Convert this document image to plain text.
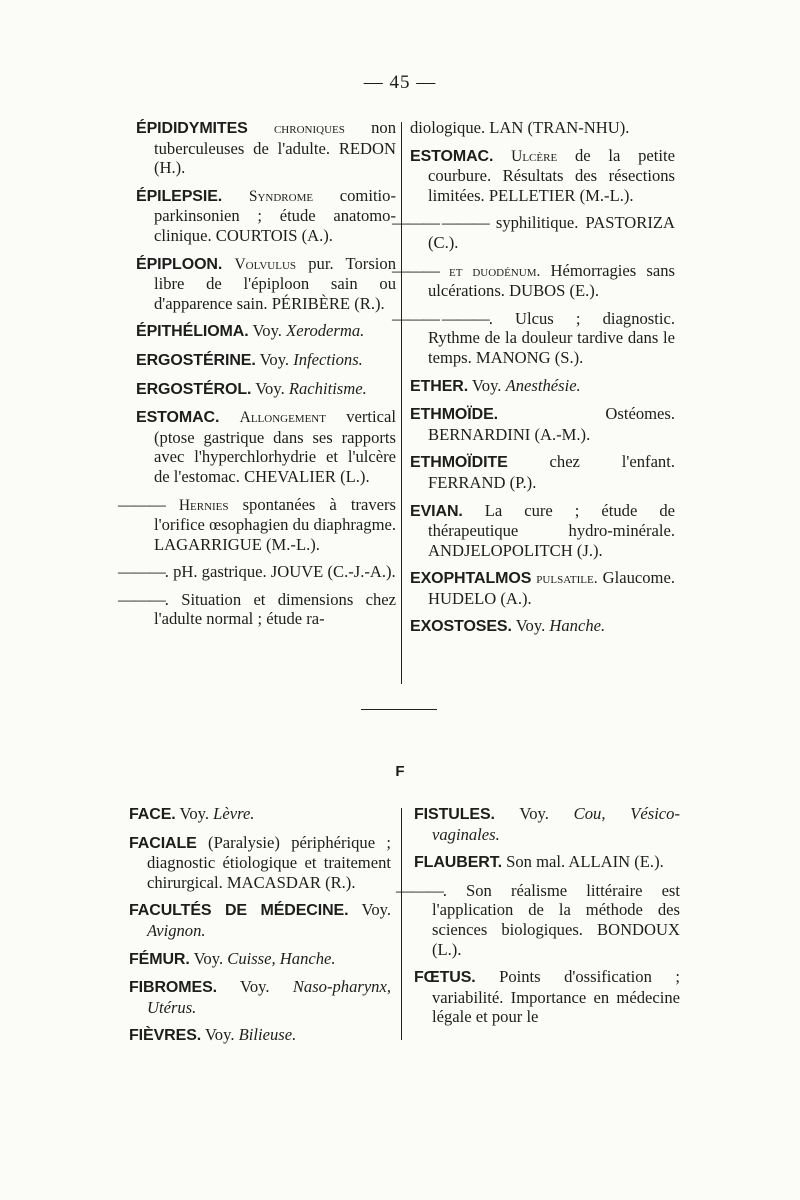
— 45 —
ÉPIDIDYMITES chroniques non tuberculeuses de l'adulte. REDON (H.).
ÉPILEPSIE. Syndrome comitio-parkinsonien ; étude anatomo-clinique. COURTOIS (A.).
ÉPIPLOON. Volvulus pur. Torsion libre de l'épiploon sain ou d'apparence sain. PÉRIBÈRE (R.).
ÉPITHÉLIOMA. Voy. Xeroderma.
ERGOSTÉRINE. Voy. Infections.
ERGOSTÉROL. Voy. Rachitisme.
ESTOMAC. Allongement vertical (ptose gastrique dans ses rapports avec l'hyperchlorhydrie et l'ulcère de l'estomac. CHEVALIER (L.).
——— Hernies spontanées à travers l'orifice œsophagien du diaphragme. LAGARRIGUE (M.-L.).
———. pH. gastrique. JOUVE (C.-J.-A.).
———. Situation et dimensions chez l'adulte normal ; étude ra-
diologique. LAN (TRAN-NHU).
ESTOMAC. Ulcère de la petite courbure. Résultats des résections limitées. PELLETIER (M.-L.).
——— ——— syphilitique. PASTORIZA (C.).
——— et duodénum. Hémorragies sans ulcérations. DUBOS (E.).
——— ———. Ulcus ; diagnostic. Rythme de la douleur tardive dans le temps. MANONG (S.).
ETHER. Voy. Anesthésie.
ETHMOÏDE. Ostéomes. BERNARDINI (A.-M.).
ETHMOÏDITE chez l'enfant. FERRAND (P.).
EVIAN. La cure ; étude de thérapeutique hydro-minérale. ANDJELOPOLITCH (J.).
EXOPHTALMOS pulsatile. Glaucome. HUDELO (A.).
EXOSTOSES. Voy. Hanche.
F
FACE. Voy. Lèvre.
FACIALE (Paralysie) périphérique ; diagnostic étiologique et traitement chirurgical. MACASDAR (R.).
FACULTÉS DE MÉDECINE. Voy. Avignon.
FÉMUR. Voy. Cuisse, Hanche.
FIBROMES. Voy. Naso-pharynx, Utérus.
FIÈVRES. Voy. Bilieuse.
FISTULES. Voy. Cou, Vésico-vaginales.
FLAUBERT. Son mal. ALLAIN (E.).
———. Son réalisme littéraire est l'application de la méthode des sciences biologiques. BONDOUX (L.).
FŒTUS. Points d'ossification ; variabilité. Importance en médecine légale et pour le
